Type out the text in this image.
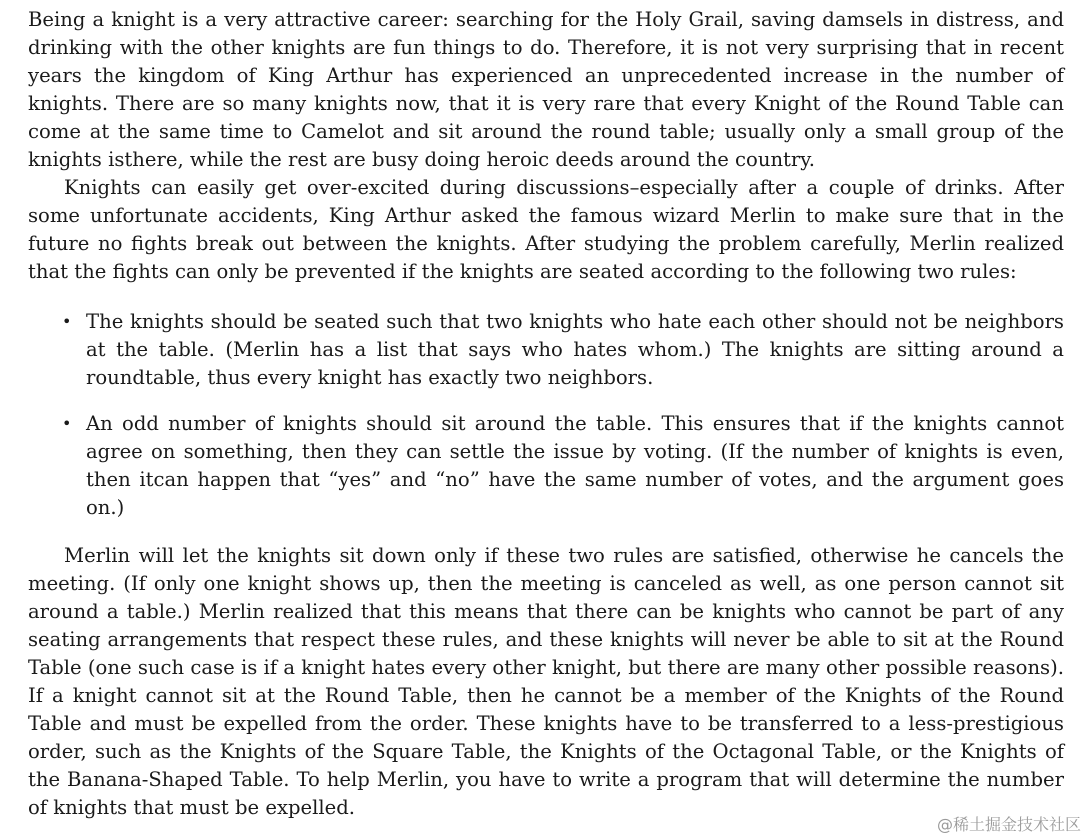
Being a knight is a very attractive career: searching for the Holy Grail, saving damsels in distress, and drinking with the other knights are fun things to do. Therefore, it is not very surprising that in recent years the kingdom of King Arthur has experienced an unprecedented increase in the number of knights. There are so many knights now, that it is very rare that every Knight of the Round Table can come at the same time to Camelot and sit around the round table; usually only a small group of the knights isthere, while the rest are busy doing heroic deeds around the country.

Knights can easily get over-excited during discussions–especially after a couple of drinks. After some unfortunate accidents, King Arthur asked the famous wizard Merlin to make sure that in the future no fights break out between the knights. After studying the problem carefully, Merlin realized that the fights can only be prevented if the knights are seated according to the following two rules:

• The knights should be seated such that two knights who hate each other should not be neighbors at the table. (Merlin has a list that says who hates whom.) The knights are sitting around a roundtable, thus every knight has exactly two neighbors.
• An odd number of knights should sit around the table. This ensures that if the knights cannot agree on something, then they can settle the issue by voting. (If the number of knights is even, then itcan happen that “yes” and “no” have the same number of votes, and the argument goes on.)

Merlin will let the knights sit down only if these two rules are satisfied, otherwise he cancels the meeting. (If only one knight shows up, then the meeting is canceled as well, as one person cannot sit around a table.) Merlin realized that this means that there can be knights who cannot be part of any seating arrangements that respect these rules, and these knights will never be able to sit at the Round Table (one such case is if a knight hates every other knight, but there are many other possible reasons). If a knight cannot sit at the Round Table, then he cannot be a member of the Knights of the Round Table and must be expelled from the order. These knights have to be transferred to a less-prestigious order, such as the Knights of the Square Table, the Knights of the Octagonal Table, or the Knights of the Banana-Shaped Table. To help Merlin, you have to write a program that will determine the number of knights that must be expelled.

@稀土掘金技术社区
